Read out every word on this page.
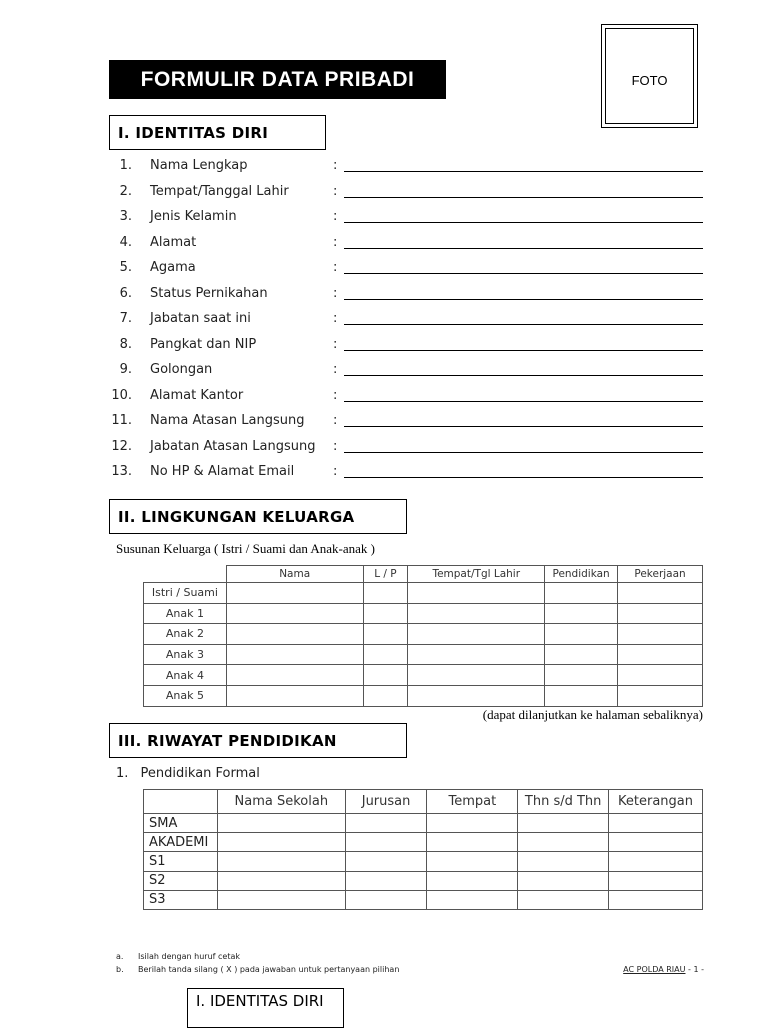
FORMULIR DATA PRIBADI	FOTO
I. IDENTITAS DIRI
1. Nama Lengkap	:
2. Tempat/Tanggal Lahir	:
3. Jenis Kelamin	:
4. Alamat	:
5. Agama	:
6. Status Pernikahan	:
7. Jabatan saat ini	:
8. Pangkat dan NIP	:
9. Golongan	:
10. Alamat Kantor	:
11. Nama Atasan Langsung :
12. Jabatan Atasan Langsung :
13. No HP & Alamat Email	:
II. LINGKUNGAN KELUARGA
Susunan Keluarga ( Istri / Suami dan Anak-anak )
	Nama	L / P	Tempat/Tgl Lahir	Pendidikan	Pekerjaan
Istri / Suami					
Anak 1					
Anak 2					
Anak 3					
Anak 4					
Anak 5					
(dapat dilanjutkan ke halaman sebaliknya)
III. RIWAYAT PENDIDIKAN
1. Pendidikan Formal
	Nama Sekolah	Jurusan	Tempat	Thn s/d Thn	Keterangan
SMA					
AKADEMI					
S1					
S2					
S3					
a. Isilah dengan huruf cetak
b. Berilah tanda silang ( X ) pada jawaban untuk pertanyaan pilihan	AC POLDA RIAU - 1 -
I. IDENTITAS DIRI
